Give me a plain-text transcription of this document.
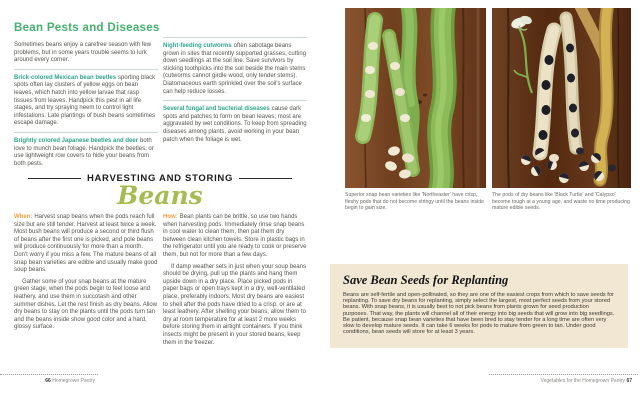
Bean Pests and Diseases

Sometimes beans enjoy a carefree season with few problems, but in some years trouble seems to lurk around every corner.

Brick-colored Mexican bean beetles sporting black spots often lay clusters of yellow eggs on bean leaves, which hatch into yellow larvae that rasp tissues from leaves. Handpick this pest in all life stages, and try spraying neem to control light infestations. Late plantings of bush beans sometimes escape damage.

Brightly colored Japanese beetles and deer both love to munch bean foliage. Handpick the beetles, or use lightweight row covers to hide your beans from both pests.

Night-feeding cutworms often sabotage beans grown in sites that recently supported grasses, cutting down seedlings at the soil line. Save survivors by sticking toothpicks into the soil beside the main stems (cutworms cannot girdle wood, only tender stems). Diatomaceous earth sprinkled over the soil's surface can help reduce losses.

Several fungal and bacterial diseases cause dark spots and patches to form on bean leaves; most are aggravated by wet conditions. To keep from spreading diseases among plants, avoid working in your bean patch when the foliage is wet.

HARVESTING AND STORING
Beans

When: Harvest snap beans when the pods reach full size but are still tender. Harvest at least twice a week. Most bush beans will produce a second or third flush of beans after the first one is picked, and pole beans will produce continuously for more than a month. Don't worry if you miss a few. The mature beans of all snap bean varieties are edible and usually make good soup beans.

Gather some of your snap beans at the mature green stage, when the pods begin to feel loose and leathery, and use them in succotash and other summer dishes. Let the rest finish as dry beans. Allow dry beans to stay on the plants until the pods turn tan and the beans inside show good color and a hard, glossy surface.

How: Bean plants can be brittle, so use two hands when harvesting pods. Immediately rinse snap beans in cool water to clean them, then pat them dry between clean kitchen towels. Store in plastic bags in the refrigerator until you are ready to cook or preserve them, but not for more than a few days.

If damp weather sets in just when your soup beans should be drying, pull up the plants and hang them upside down in a dry place. Place picked pods in paper bags or open trays kept in a dry, well-ventilated place, preferably indoors. Most dry beans are easiest to shell after the pods have dried to a crisp, or are at least leathery. After shelling your beans, allow them to dry at room temperature for at least 2 more weeks before storing them in airtight containers. If you think insects might be present in your stored beans, keep them in the freezer.

66 Homegrown Pantry
Superior snap bean varieties like 'Northeaster' have crisp, fleshy pods that do not become stringy until the beans inside begin to gain size.
The pods of dry beans like 'Black Turtle' and 'Calypso' become tough at a young age, and waste no time producing mature edible seeds.

Save Bean Seeds for Replanting

Beans are self-fertile and open-pollinated, so they are one of the easiest crops from which to save seeds for replanting. To save dry beans for replanting, simply select the largest, most perfect seeds from your stored beans. With snap beans, it is usually best to not pick beans from plants grown for seed production purposes. That way, the plants will channel all of their energy into big seeds that will grow into big seedlings. Be patient, because snap bean varieties that have been bred to stay tender for a long time are often very slow to develop mature seeds. It can take 6 weeks for pods to mature from green to tan. Under good conditions, bean seeds will store for at least 3 years.
Vegetables for the Homegrown Pantry 67
